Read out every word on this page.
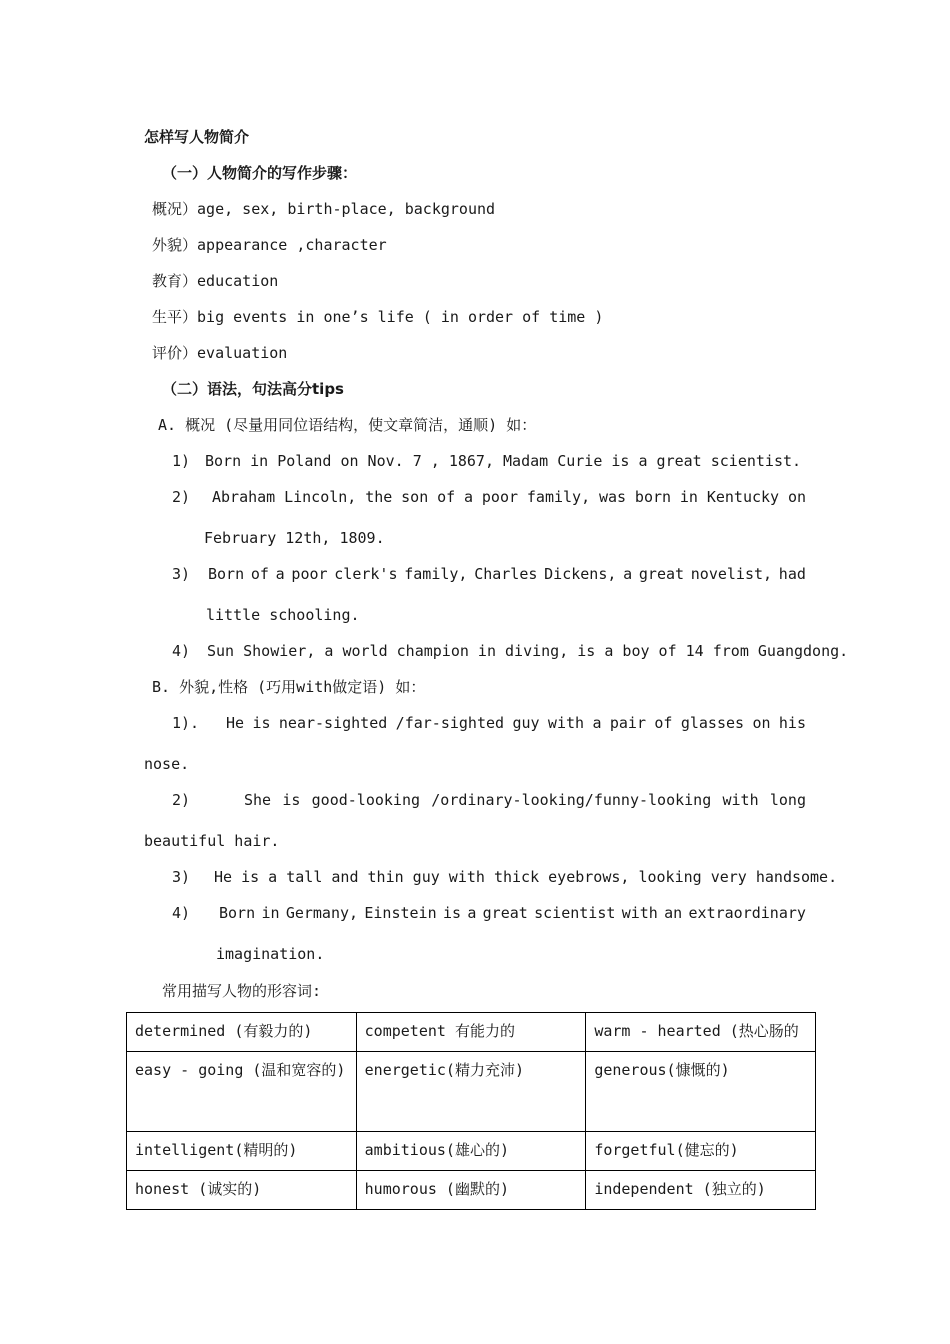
怎样写人物简介
（一）人物简介的写作步骤：
概况）age, sex, birth-place, background
外貌）appearance ,character
教育）education
生平）big events in one’s life ( in order of time )
评价）evaluation
（二）语法，句法高分tips
A. 概况 (尽量用同位语结构，使文章简洁，通顺) 如：
1) Born in Poland on Nov. 7 , 1867, Madam Curie is a great scientist.
2) Abraham Lincoln, the son of a poor family, was born in Kentucky on
February 12th, 1809.
3) Born of a poor clerk's family, Charles Dickens, a great novelist, had
little schooling.
4) Sun Showier, a world champion in diving, is a boy of 14 from Guangdong.
B. 外貌,性格 (巧用with做定语) 如：
1). He is near-sighted /far-sighted guy with a pair of glasses on his
nose.
2)	She is good-looking /ordinary-looking/funny-looking with long
beautiful hair.
3) He is a tall and thin guy with thick eyebrows, looking very handsome.
4) Born in Germany, Einstein is a great scientist with an extraordinary
imagination.
常用描写人物的形容词:
determined (有毅力的)	competent 有能力的	warm - hearted (热心肠的

easy - going (温和宽容的)	energetic(精力充沛)	generous(慷慨的)
intelligent(精明的)	ambitious(雄心的)	forgetful(健忘的)
honest (诚实的)	humorous (幽默的)	independent (独立的)
